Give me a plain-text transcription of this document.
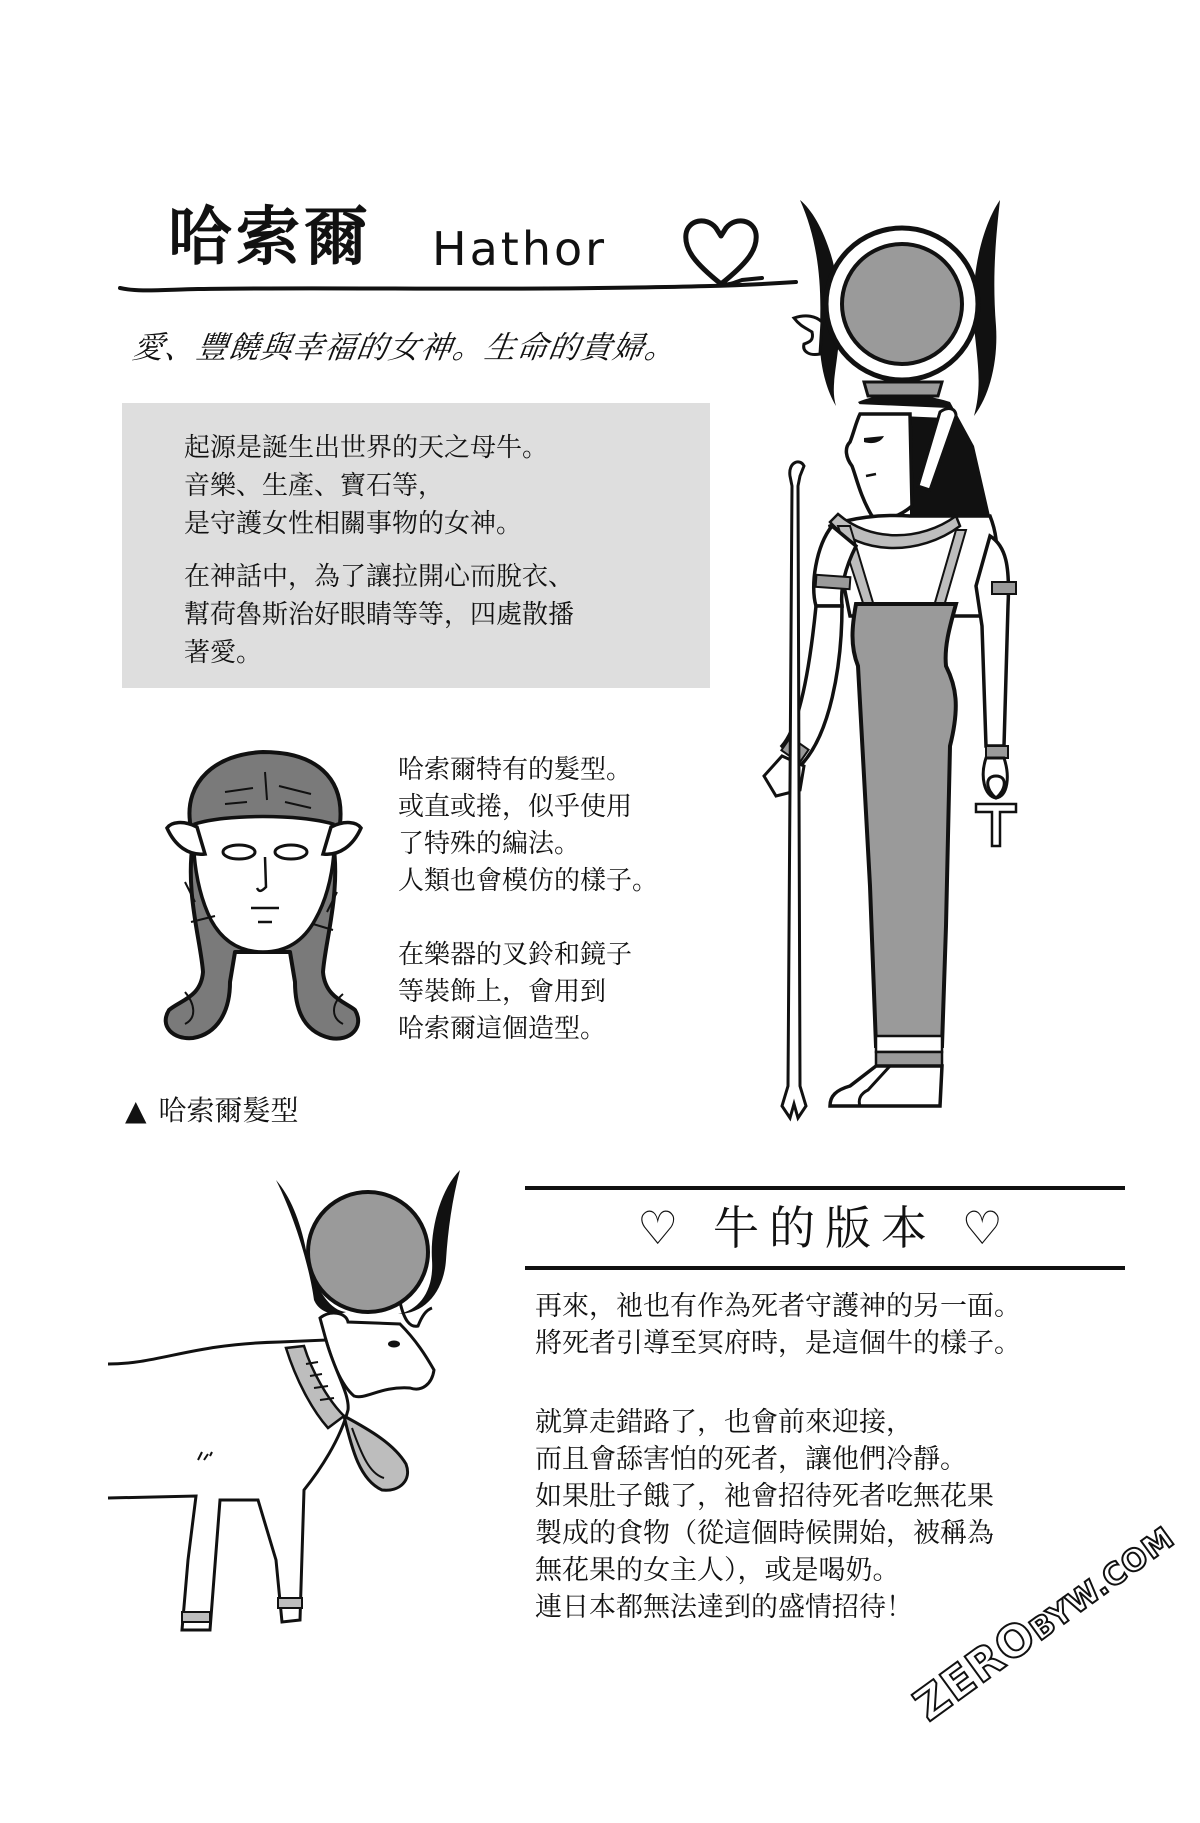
哈索爾 Hathor
愛、豐饒與幸福的女神。生命的貴婦。
起源是誕生出世界的天之母牛。
音樂、生產、寶石等，
是守護女性相關事物的女神。
在神話中，為了讓拉開心而脫衣、
幫荷魯斯治好眼睛等等，四處散播
著愛。
哈索爾特有的髮型。
或直或捲，似乎使用
了特殊的編法。
人類也會模仿的樣子。
在樂器的叉鈴和鏡子
等裝飾上，會用到
哈索爾這個造型。
▲ 哈索爾髮型
♡ 牛的版本 ♡
再來，祂也有作為死者守護神的另一面。
將死者引導至冥府時，是這個牛的樣子。
就算走錯路了，也會前來迎接，
而且會舔害怕的死者，讓他們冷靜。
如果肚子餓了，祂會招待死者吃無花果
製成的食物（從這個時候開始，被稱為
無花果的女主人），或是喝奶。
連日本都無法達到的盛情招待！
ZEROBYW.COM
